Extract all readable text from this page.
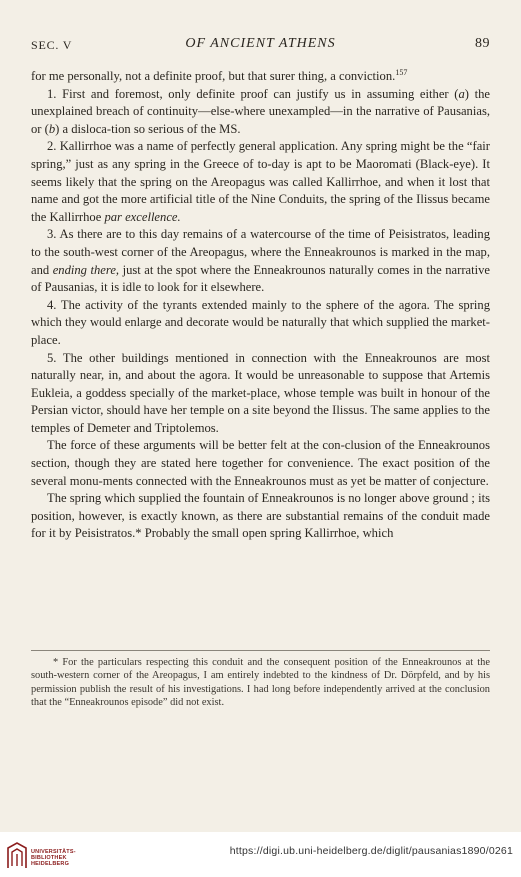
SEC. V	OF ANCIENT ATHENS	89

for me personally, not a definite proof, but that surer thing, a conviction.$^{157}$

1. First and foremost, only definite proof can justify us in assuming either (a) the unexplained breach of continuity—else-where unexampled—in the narrative of Pausanias, or (b) a disloca-tion so serious of the MS.

2. Kallirrhoe was a name of perfectly general application. Any spring might be the “fair spring,” just as any spring in the Greece of to-day is apt to be Maoromati (Black-eye). It seems likely that the spring on the Areopagus was called Kallirrhoe, and when it lost that name and got the more artificial title of the Nine Conduits, the spring of the Ilissus became the Kallirrhoe par excellence.

3. As there are to this day remains of a watercourse of the time of Peisistratos, leading to the south-west corner of the Areopagus, where the Enneakrounos is marked in the map, and ending there, just at the spot where the Enneakrounos naturally comes in the narrative of Pausanias, it is idle to look for it elsewhere.

4. The activity of the tyrants extended mainly to the sphere of the agora. The spring which they would enlarge and decorate would be naturally that which supplied the market-place.

5. The other buildings mentioned in connection with the Enneakrounos are most naturally near, in, and about the agora. It would be unreasonable to suppose that Artemis Eukleia, a goddess specially of the market-place, whose temple was built in honour of the Persian victor, should have her temple on a site beyond the Ilissus. The same applies to the temples of Demeter and Triptolemos.

The force of these arguments will be better felt at the con-clusion of the Enneakrounos section, though they are stated here together for convenience. The exact position of the several monu-ments connected with the Enneakrounos must as yet be matter of conjecture.

The spring which supplied the fountain of Enneakrounos is no longer above ground ; its position, however, is exactly known, as there are substantial remains of the conduit made for it by Peisistratos.* Probably the small open spring Kallirrhoe, which

* For the particulars respecting this conduit and the consequent position of the Enneakrounos at the south-western corner of the Areopagus, I am entirely indebted to the kindness of Dr. Dörpfeld, and by his permission publish the result of his investigations. I had long before independently arrived at the conclusion that the “Enneakrounos episode” did not exist.

UNIVERSITÄTS-
BIBLIOTHEK
HEIDELBERG
https://digi.ub.uni-heidelberg.de/diglit/pausanias1890/0261
